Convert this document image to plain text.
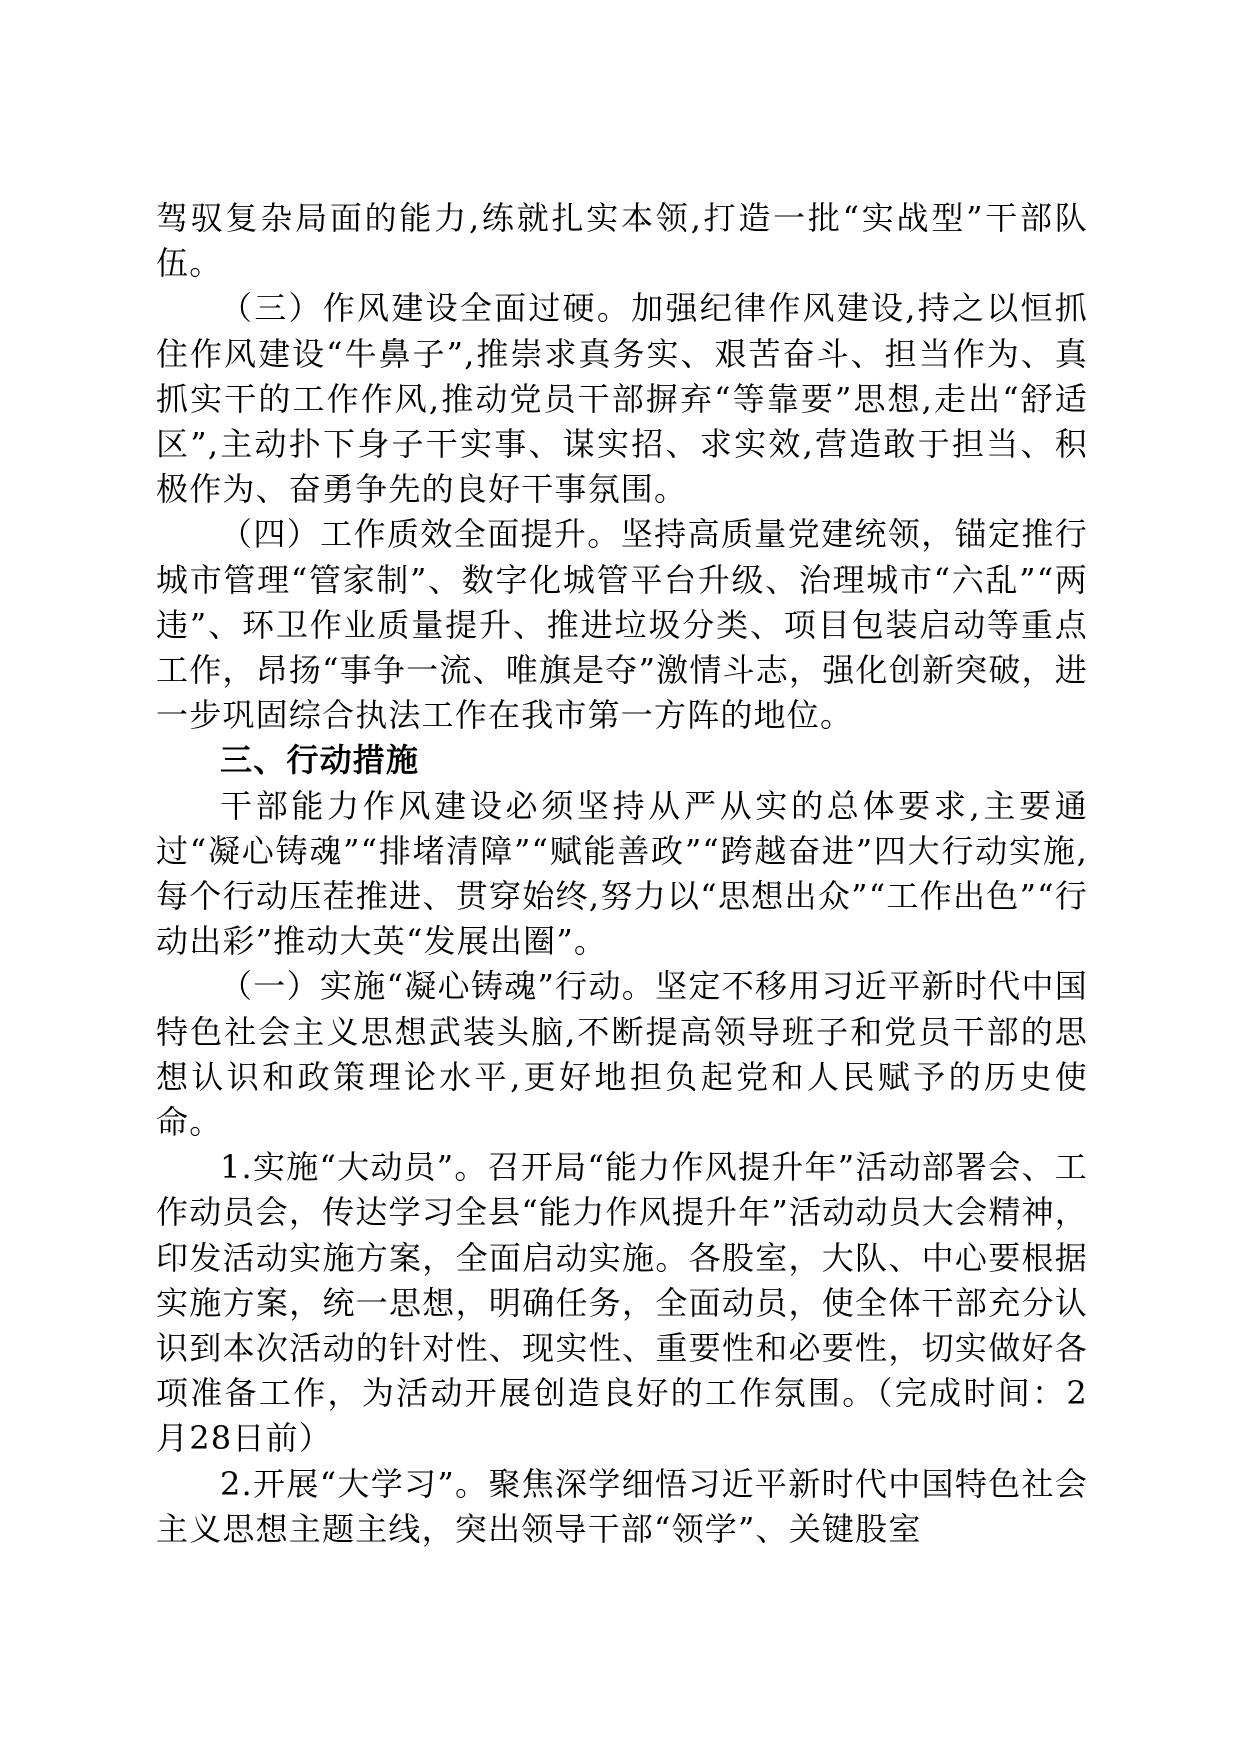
驾驭复杂局面的能力,练就扎实本领,打造一批“实战型”干部队伍。

（三）作风建设全面过硬。加强纪律作风建设,持之以恒抓住作风建设“牛鼻子”,推崇求真务实、艰苦奋斗、担当作为、真抓实干的工作作风,推动党员干部摒弃“等靠要”思想,走出“舒适区”,主动扑下身子干实事、谋实招、求实效,营造敢于担当、积极作为、奋勇争先的良好干事氛围。

（四）工作质效全面提升。坚持高质量党建统领，锚定推行城市管理“管家制”、数字化城管平台升级、治理城市“六乱”“两违”、环卫作业质量提升、推进垃圾分类、项目包装启动等重点工作，昂扬“事争一流、唯旗是夺”激情斗志，强化创新突破，进一步巩固综合执法工作在我市第一方阵的地位。

三、行动措施

干部能力作风建设必须坚持从严从实的总体要求,主要通过“凝心铸魂”“排堵清障”“赋能善政”“跨越奋进”四大行动实施,每个行动压茬推进、贯穿始终,努力以“思想出众”“工作出色”“行动出彩”推动大英“发展出圈”。

（一）实施“凝心铸魂”行动。坚定不移用习近平新时代中国特色社会主义思想武装头脑,不断提高领导班子和党员干部的思想认识和政策理论水平,更好地担负起党和人民赋予的历史使命。

1.实施“大动员”。召开局“能力作风提升年”活动部署会、工作动员会，传达学习全县“能力作风提升年”活动动员大会精神，印发活动实施方案，全面启动实施。各股室，大队、中心要根据实施方案，统一思想，明确任务，全面动员，使全体干部充分认识到本次活动的针对性、现实性、重要性和必要性，切实做好各项准备工作，为活动开展创造良好的工作氛围。（完成时间：2月28日前）

2.开展“大学习”。聚焦深学细悟习近平新时代中国特色社会主义思想主题主线，突出领导干部“领学”、关键股室
